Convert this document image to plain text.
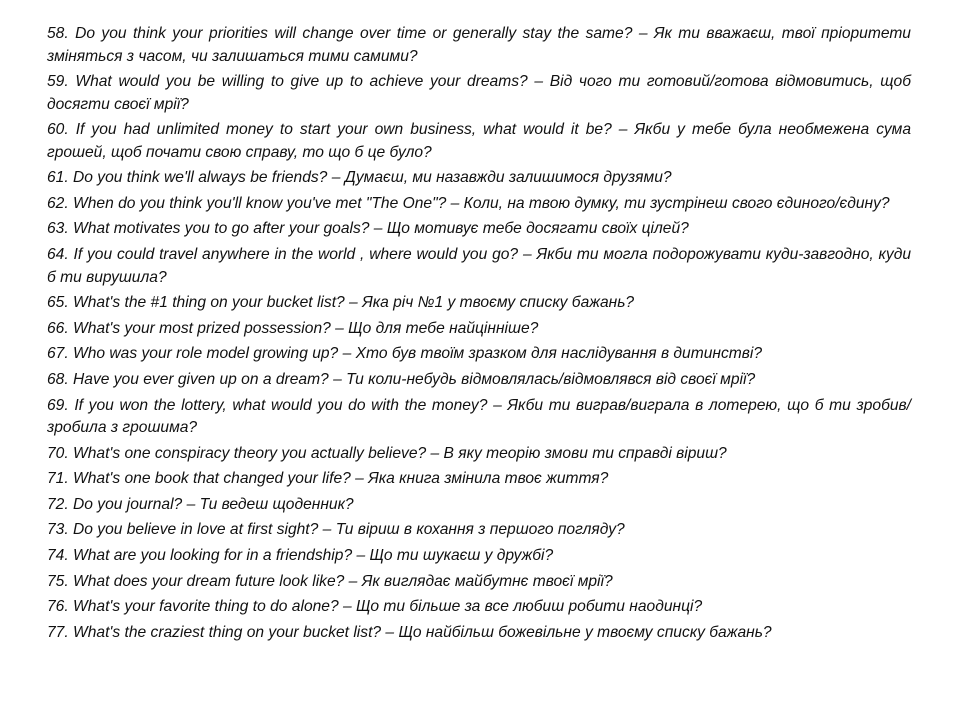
58. Do you think your priorities will change over time or generally stay the same? – Як ти вважаєш, твої пріоритети зміняться з часом, чи залишаться тими самими?
59. What would you be willing to give up to achieve your dreams? – Від чого ти готовий/готова відмовитись, щоб досягти своєї мрії?
60. If you had unlimited money to start your own business, what would it be? – Якби у тебе була необмежена сума грошей, щоб почати свою справу, то що б це було?
61. Do you think we'll always be friends? – Думаєш, ми назавжди залишимося друзями?
62. When do you think you'll know you've met "The One"? – Коли, на твою думку, ти зустрінеш свого єдиного/єдину?
63. What motivates you to go after your goals? – Що мотивує тебе досягати своїх цілей?
64. If you could travel anywhere in the world , where would you go? – Якби ти могла подорожувати куди-завгодно, куди б ти вирушила?
65. What's the #1 thing on your bucket list? – Яка річ №1 у твоєму списку бажань?
66. What's your most prized possession? – Що для тебе найцінніше?
67. Who was your role model growing up? – Хто був твоїм зразком для наслідування в дитинстві?
68. Have you ever given up on a dream? – Ти коли-небудь відмовлялась/відмовлявся від своєї мрії?
69. If you won the lottery, what would you do with the money? – Якби ти виграв/виграла в лотерею, що б ти зробив/зробила з грошима?
70. What's one conspiracy theory you actually believe? – В яку теорію змови ти справді віриш?
71. What's one book that changed your life? – Яка книга змінила твоє життя?
72. Do you journal? – Ти ведеш щоденник?
73. Do you believe in love at first sight? – Ти віриш в кохання з першого погляду?
74. What are you looking for in a friendship? – Що ти шукаєш у дружбі?
75. What does your dream future look like? – Як виглядає майбутнє твоєї мрії?
76. What's your favorite thing to do alone? – Що ти більше за все любиш робити наодинці?
77. What's the craziest thing on your bucket list? – Що найбільш божевільне у твоєму списку бажань?
